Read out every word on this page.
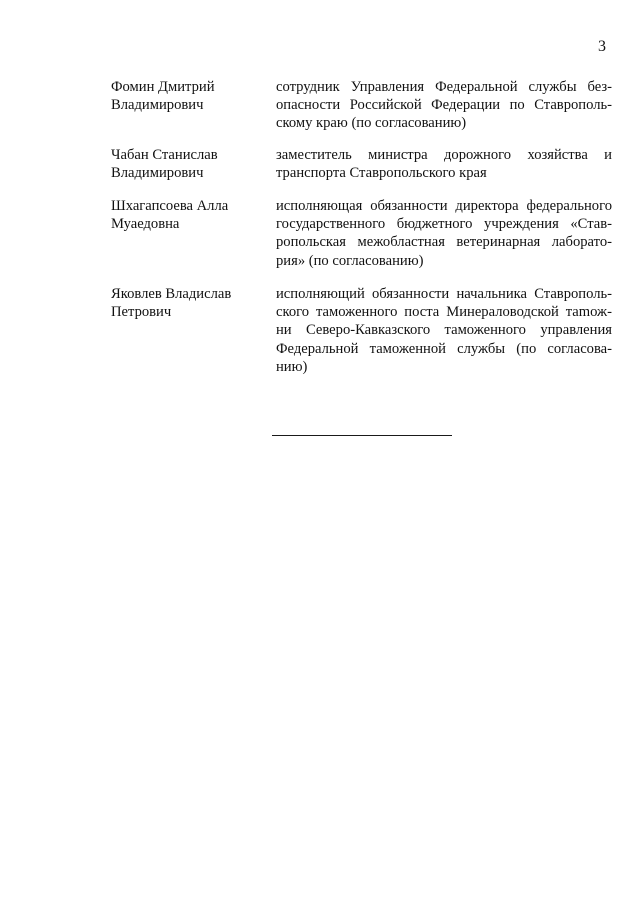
3
Фомин Дмитрий
Владимирович
сотрудник Управления Федеральной службы без-
опасности Российской Федерации по Ставрополь-
скому краю (по согласованию)
Чабан Станислав
Владимирович
заместитель министра дорожного хозяйства и
транспорта Ставропольского края
Шхагапсоева Алла
Муаедовна
исполняющая обязанности директора федерального
государственного бюджетного учреждения «Став-
ропольская межобластная ветеринарная лаборато-
рия» (по согласованию)
Яковлев Владислав
Петрович
исполняющий обязанности начальника Ставрополь-
ского таможенного поста Минераловодской таmож-
ни Северо-Кавказского таможенного управления
Федеральной таможенной службы (по согласова-
нию)
